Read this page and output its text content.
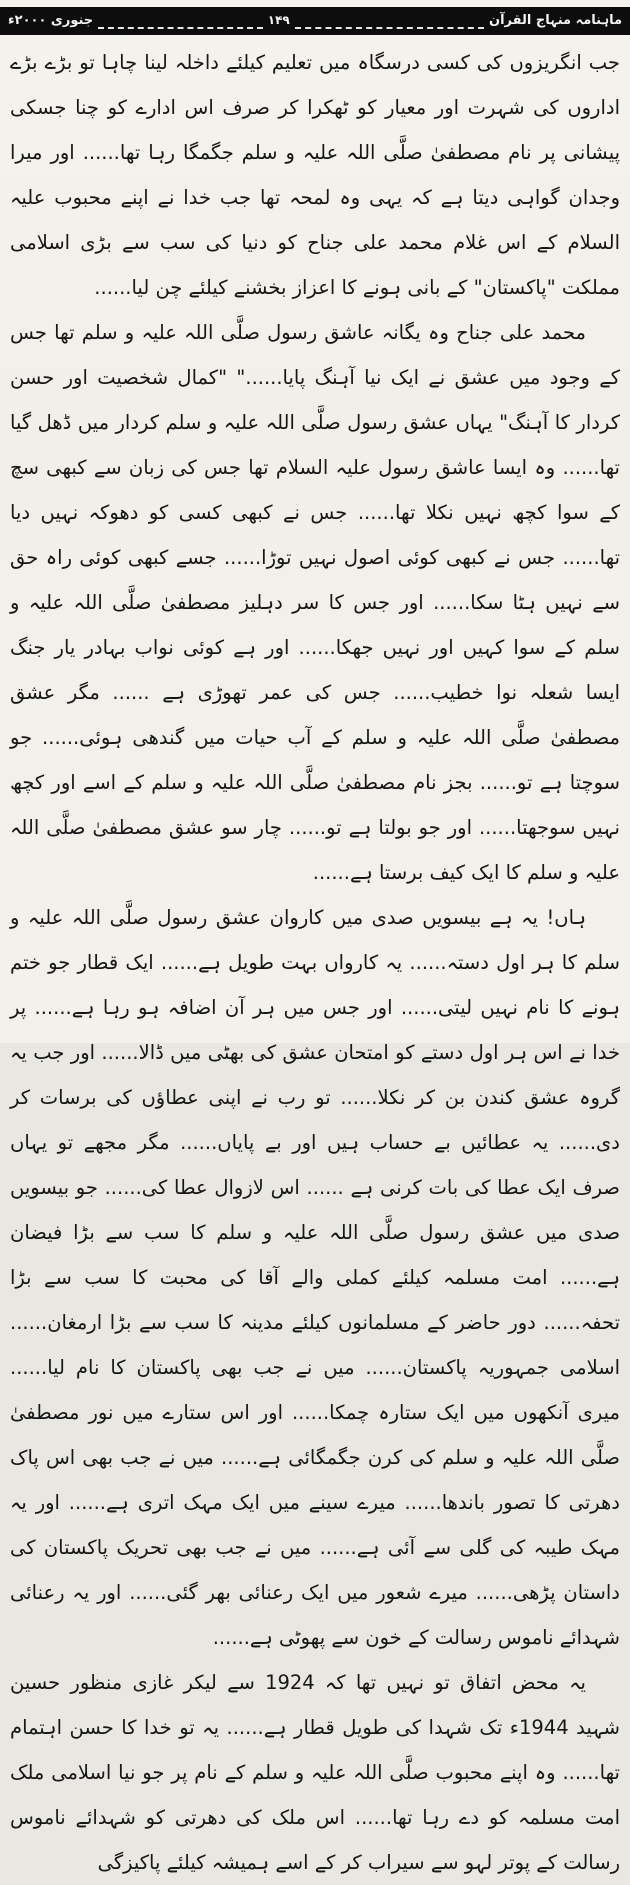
ماہنامہ منہاج القرآن
۱۴۹
جنوری ۲۰۰۰ء

جب انگریزوں کی کسی درسگاہ میں تعلیم کیلئے داخلہ لینا چاہا تو بڑے بڑے اداروں کی شہرت اور معیار کو ٹھکرا کر صرف اس ادارے کو چنا جسکی پیشانی پر نام مصطفیٰ صلَّی اللہ علیہ و سلم جگمگا رہا تھا...... اور میرا وجدان گواہی دیتا ہے کہ یہی وہ لمحہ تھا جب خدا نے اپنے محبوب علیہ السلام کے اس غلام محمد علی جناح کو دنیا کی سب سے بڑی اسلامی مملکت "پاکستان" کے بانی ہونے کا اعزاز بخشنے کیلئے چن لیا......

محمد علی جناح وہ یگانہ عاشق رسول صلَّی اللہ علیہ و سلم تھا جس کے وجود میں عشق نے ایک نیا آہنگ پایا......" "کمال شخصیت اور حسن کردار کا آہنگ" یہاں عشق رسول صلَّی اللہ علیہ و سلم کردار میں ڈھل گیا تھا...... وہ ایسا عاشق رسول علیہ السلام تھا جس کی زبان سے کبھی سچ کے سوا کچھ نہیں نکلا تھا...... جس نے کبھی کسی کو دھوکہ نہیں دیا تھا...... جس نے کبھی کوئی اصول نہیں توڑا...... جسے کبھی کوئی راہ حق سے نہیں ہٹا سکا...... اور جس کا سر دہلیز مصطفیٰ صلَّی اللہ علیہ و سلم کے سوا کہیں اور نہیں جھکا...... اور ہے کوئی نواب بہادر یار جنگ ایسا شعلہ نوا خطیب...... جس کی عمر تھوڑی ہے ...... مگر عشق مصطفیٰ صلَّی اللہ علیہ و سلم کے آب حیات میں گندھی ہوئی...... جو سوچتا ہے تو...... بجز نام مصطفیٰ صلَّی اللہ علیہ و سلم کے اسے اور کچھ نہیں سوجھتا...... اور جو بولتا ہے تو...... چار سو عشق مصطفیٰ صلَّی اللہ علیہ و سلم کا ایک کیف برستا ہے......

ہاں! یہ ہے بیسویں صدی میں کاروان عشق رسول صلَّی اللہ علیہ و سلم کا ہر اول دستہ...... یہ کارواں بہت طویل ہے...... ایک قطار جو ختم ہونے کا نام نہیں لیتی...... اور جس میں ہر آن اضافہ ہو رہا ہے...... پر خدا نے اس ہر اول دستے کو امتحان عشق کی بھٹی میں ڈالا...... اور جب یہ گروہ عشق کندن بن کر نکلا...... تو رب نے اپنی عطاؤں کی برسات کر دی...... یہ عطائیں بے حساب ہیں اور بے پایاں...... مگر مجھے تو یہاں صرف ایک عطا کی بات کرنی ہے ...... اس لازوال عطا کی...... جو بیسویں صدی میں عشق رسول صلَّی اللہ علیہ و سلم کا سب سے بڑا فیضان ہے...... امت مسلمہ کیلئے کملی والے آقا کی محبت کا سب سے بڑا تحفہ...... دور حاضر کے مسلمانوں کیلئے مدینہ کا سب سے بڑا ارمغان...... اسلامی جمہوریہ پاکستان...... میں نے جب بھی پاکستان کا نام لیا...... میری آنکھوں میں ایک ستارہ چمکا...... اور اس ستارے میں نور مصطفیٰ صلَّی اللہ علیہ و سلم کی کرن جگمگائی ہے...... میں نے جب بھی اس پاک دھرتی کا تصور باندھا...... میرے سینے میں ایک مہک اتری ہے...... اور یہ مہک طیبہ کی گلی سے آئی ہے...... میں نے جب بھی تحریک پاکستان کی داستان پڑھی...... میرے شعور میں ایک رعنائی بھر گئی...... اور یہ رعنائی شہدائے ناموس رسالت کے خون سے پھوٹی ہے......

یہ محض اتفاق تو نہیں تھا کہ 1924 سے لیکر غازی منظور حسین شہید 1944ء تک شہدا کی طویل قطار ہے...... یہ تو خدا کا حسن اہتمام تھا...... وہ اپنے محبوب صلَّی اللہ علیہ و سلم کے نام پر جو نیا اسلامی ملک امت مسلمہ کو دے رہا تھا...... اس ملک کی دھرتی کو شہدائے ناموس رسالت کے پوتر لہو سے سیراب کر کے اسے ہمیشہ کیلئے پاکیزگی
